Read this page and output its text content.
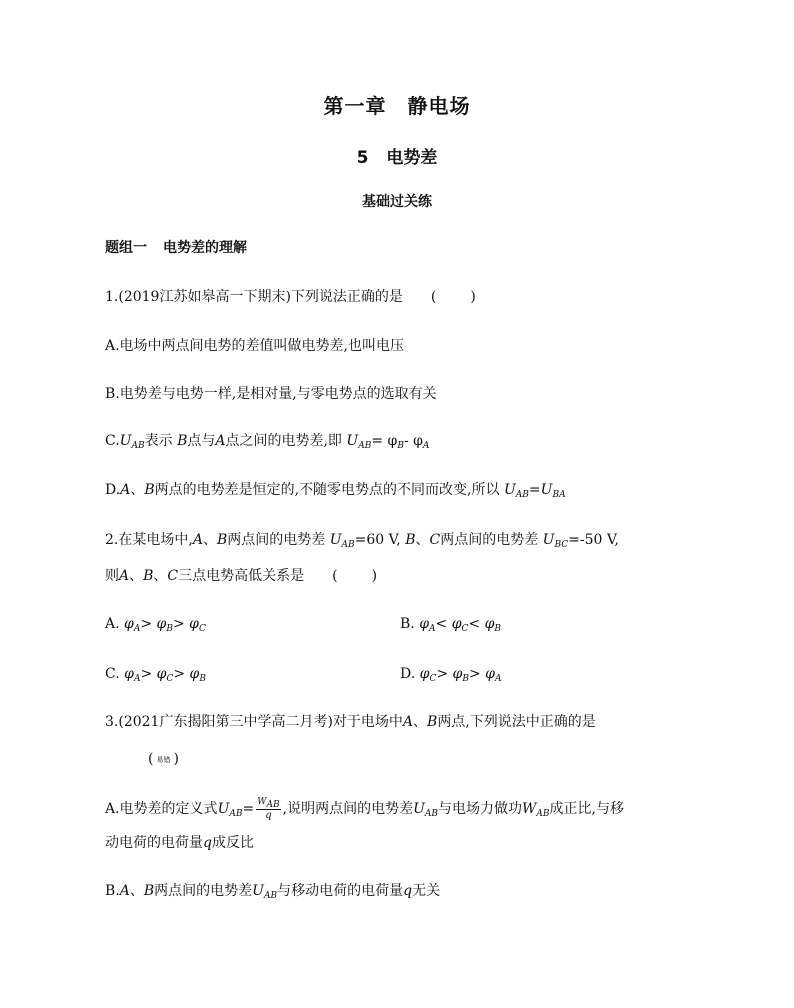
第一章　静电场
5 电势差
基础过关练
题组一 电势差的理解
1.(2019江苏如皋高一下期末)下列说法正确的是 (　　)
A.电场中两点间电势的差值叫做电势差,也叫电压
B.电势差与电势一样,是相对量,与零电势点的选取有关
$C.U_{AB}$表示 B点与A点之间的电势差,即 $U_{AB}= \varphi_B-$ $\varphi_A$
D.A、B两点的电势差是恒定的,不随零电势点的不同而改变,所以 $U_{AB}=U_{BA}$
2.在某电场中,A、B两点间的电势差 $U_{AB}=60$ V, B、C两点间的电势差 $U_{BC}=-50$ V,
则A、B、C三点电势高低关系是 (　　)
A. $\varphi_A> \varphi_B> \varphi_C$	B. $\varphi_A< \varphi_C< \varphi_B$
C. $\varphi_A> \varphi_C> \varphi_B$	D. $\varphi_C> \varphi_B> \varphi_A$
3.(2021广东揭阳第三中学高二月考)对于电场中A、B两点,下列说法中正确的是
( 易错 )
A.电势差的定义式$U_{AB}= \frac{W_{AB}}{q}$ ,说明两点间的电势差$U_{AB}$与电场力做功$W_{AB}$成正比,与移
动电荷的电荷量q成反比
B.A、B两点间的电势差$U_{AB}$与移动电荷的电荷量q无关
